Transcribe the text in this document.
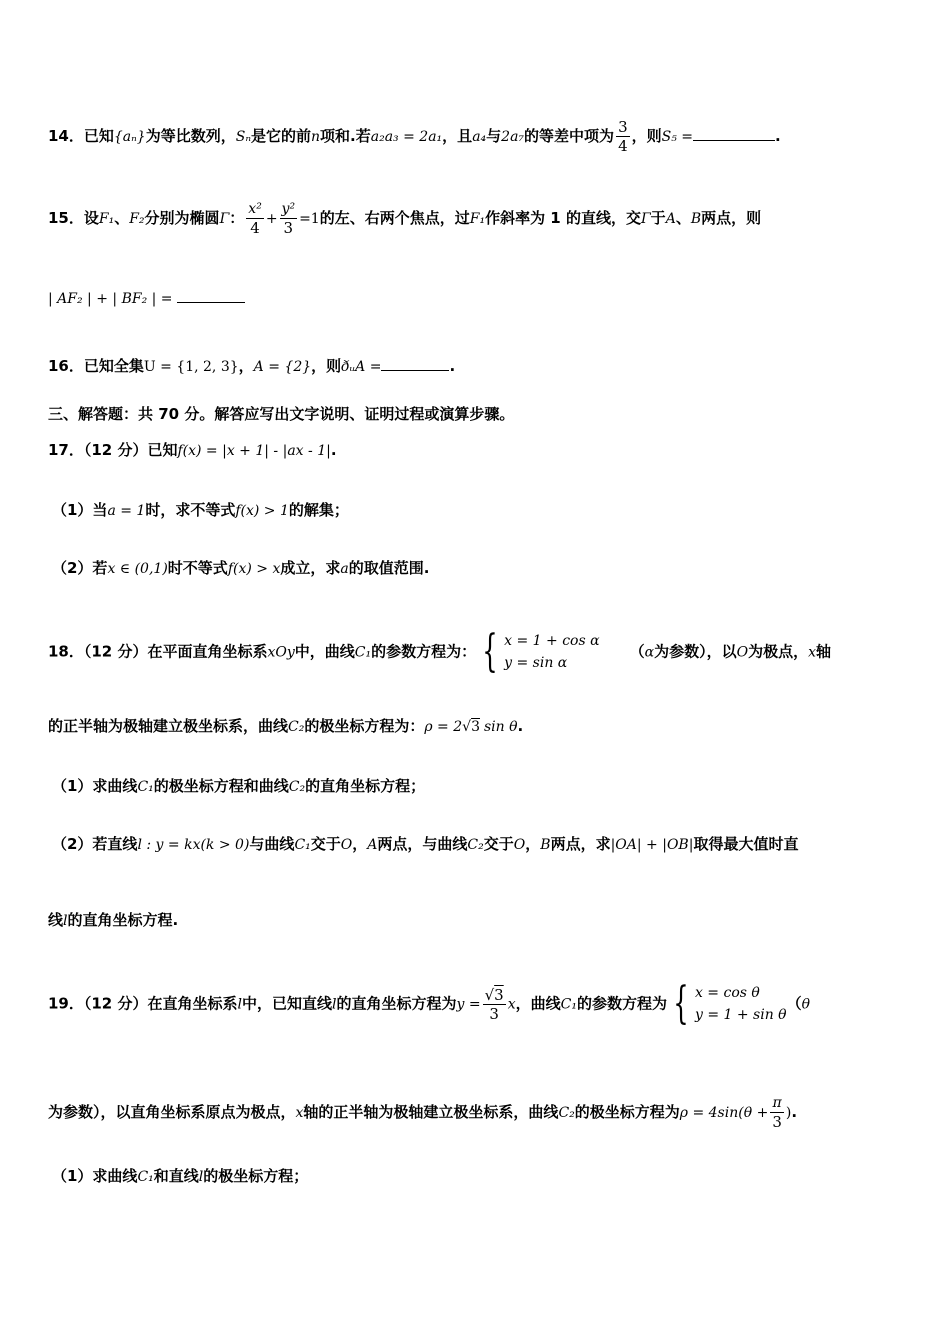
14．已知{aₙ}为等比数列，Sₙ是它的前n项和.若a₂a₃ = 2a₁，且a₄与2a₇的等差中项为 $\frac{3}{4}$ ，则S₅ =	.
15．设F₁、F₂分别为椭圆Γ： $\frac{\text{x²}}{4} + \frac{\text{y²}}{3} =1$的左、右两个焦点，过F₁作斜率为 1 的直线，交Γ于A、B两点，则
| AF₂ | + | BF₂ | =
16．已知全集U = {1, 2, 3}，A = {2}，则ðᵤA =	.
三、解答题：共 70 分。解答应写出文字说明、证明过程或演算步骤。
17．（12 分）已知f(x) = |x + 1| - |ax - 1|.
（1）当a = 1时，求不等式f(x) > 1的解集；
（2）若x ∈ (0,1)时不等式f(x) > x成立，求a的取值范围.
18．（12 分）在平面直角坐标系xOy中，曲线C₁的参数方程为： { x = 1 + cos α
y = sin α
（α为参数），以O为极点，x轴
的正半轴为极轴建立极坐标系，曲线C₂的极坐标方程为：ρ = 2√3 sin θ.
（1）求曲线C₁的极坐标方程和曲线C₂的直角坐标方程；
（2）若直线l : y = kx(k > 0)与曲线C₁交于O，A两点，与曲线C₂交于O，B两点，求|OA| + |OB|取得最大值时直
线l的直角坐标方程.
19．（12 分）在直角坐标系l中，已知直线l的直角坐标方程为$y = \frac{√3}{3}$ x，曲线C₁的参数方程为 { x = cos θ
y = 1 + sin θ
（θ
为参数），以直角坐标系原点为极点，x轴的正半轴为极轴建立极坐标系，曲线C₂的极坐标方程为$\rho = 4\sin(\theta + \frac{\pi}{3}$ ).
（1）求曲线C₁和直线l的极坐标方程；
